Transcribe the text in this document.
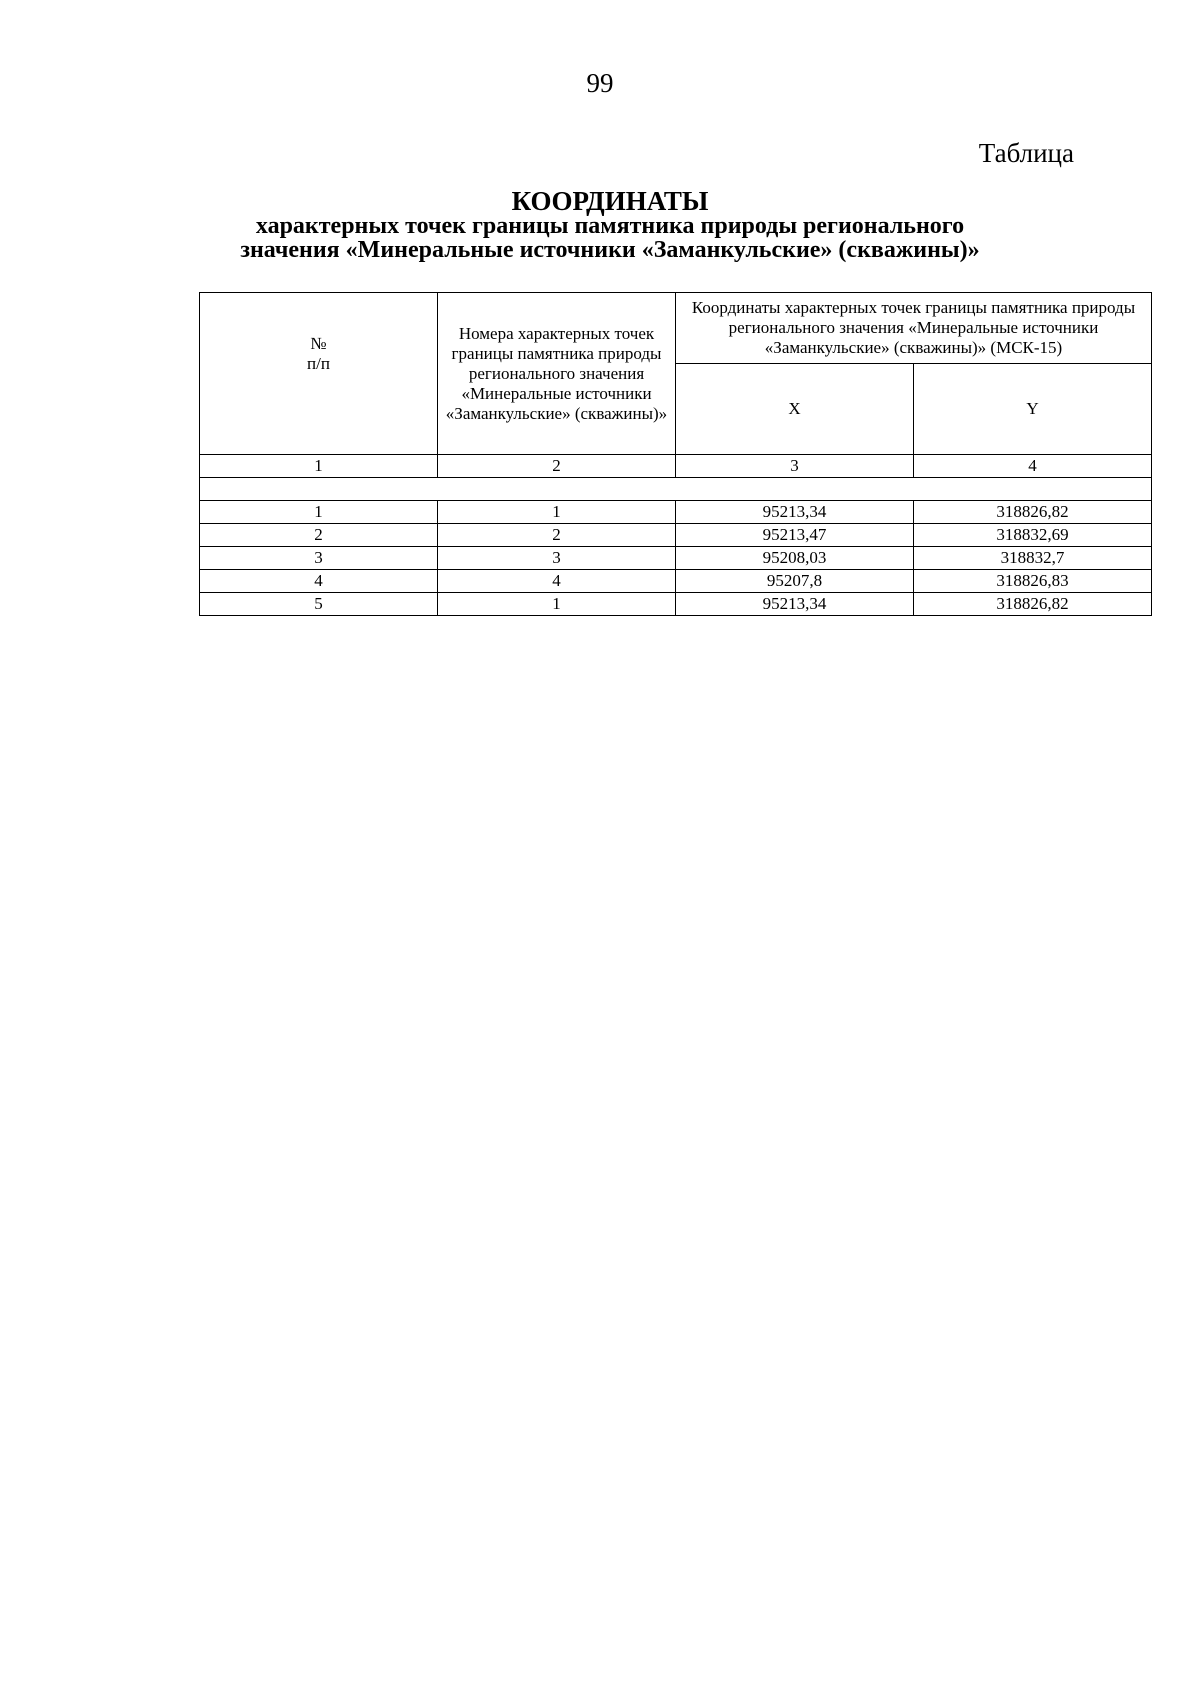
99
Таблица
КООРДИНАТЫ
характерных точек границы памятника природы регионального
значения «Минеральные источники «Заманкульские» (скважины)»
№
п/п	Номера характерных точек границы памятника природы регионального значения «Минеральные источники «Заманкульские» (скважины)»	Координаты характерных точек границы памятника природы регионального значения «Минеральные источники «Заманкульские» (скважины)» (МСК-15)	
		X	Y
1	2	3	4

1	1	95213,34	318826,82
2	2	95213,47	318832,69
3	3	95208,03	318832,7
4	4	95207,8	318826,83
5	1	95213,34	318826,82
